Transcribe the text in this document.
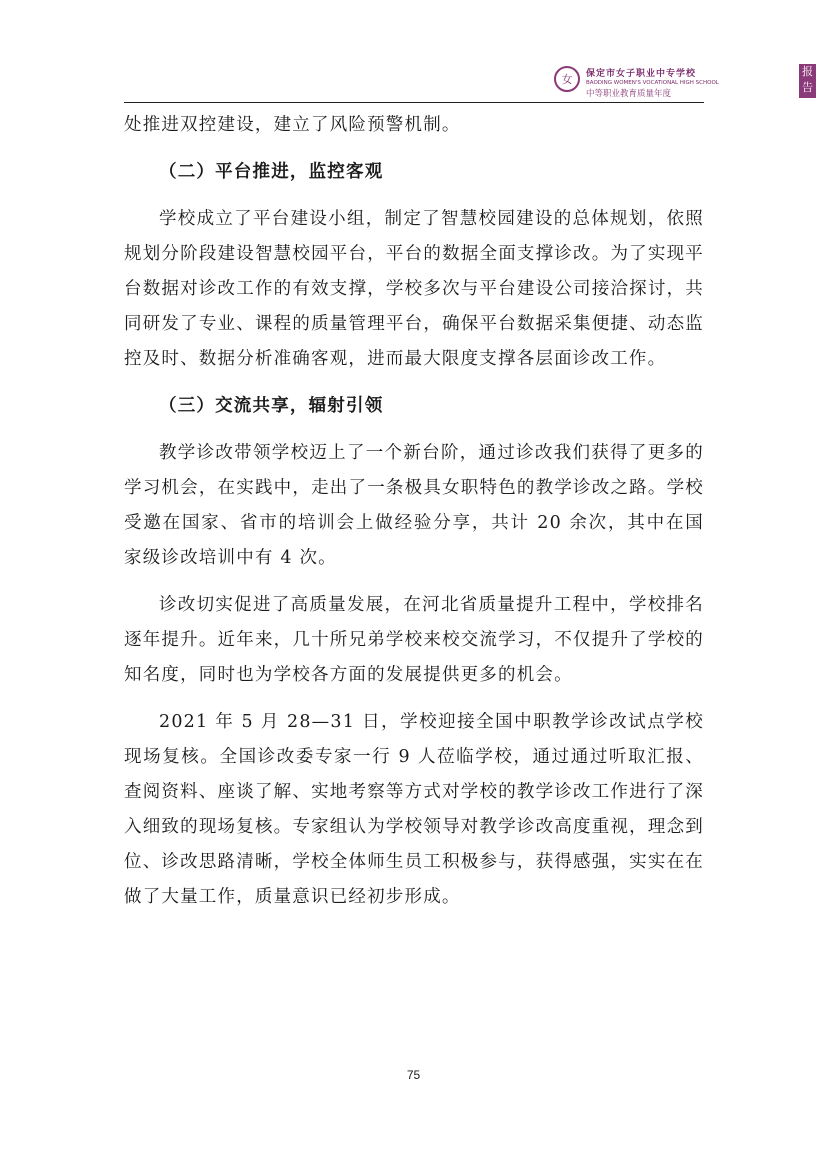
女	保定市女子职业中专学校
BAODING WOMEN'S VOCATIONAL HIGH SCHOOL
中等职业教育质量年度
报
告

处推进双控建设，建立了风险预警机制。

（二）平台推进，监控客观

学校成立了平台建设小组，制定了智慧校园建设的总体规划，依照规划分阶段建设智慧校园平台，平台的数据全面支撑诊改。为了实现平台数据对诊改工作的有效支撑，学校多次与平台建设公司接洽探讨，共同研发了专业、课程的质量管理平台，确保平台数据采集便捷、动态监控及时、数据分析准确客观，进而最大限度支撑各层面诊改工作。

（三）交流共享，辐射引领

教学诊改带领学校迈上了一个新台阶，通过诊改我们获得了更多的学习机会，在实践中，走出了一条极具女职特色的教学诊改之路。学校受邀在国家、省市的培训会上做经验分享，共计 20 余次，其中在国家级诊改培训中有 4 次。

诊改切实促进了高质量发展，在河北省质量提升工程中，学校排名逐年提升。近年来，几十所兄弟学校来校交流学习，不仅提升了学校的知名度，同时也为学校各方面的发展提供更多的机会。

2021 年 5 月 28—31 日，学校迎接全国中职教学诊改试点学校现场复核。全国诊改委专家一行 9 人莅临学校，通过通过听取汇报、查阅资料、座谈了解、实地考察等方式对学校的教学诊改工作进行了深入细致的现场复核。专家组认为学校领导对教学诊改高度重视，理念到位、诊改思路清晰，学校全体师生员工积极参与，获得感强，实实在在做了大量工作，质量意识已经初步形成。

75
